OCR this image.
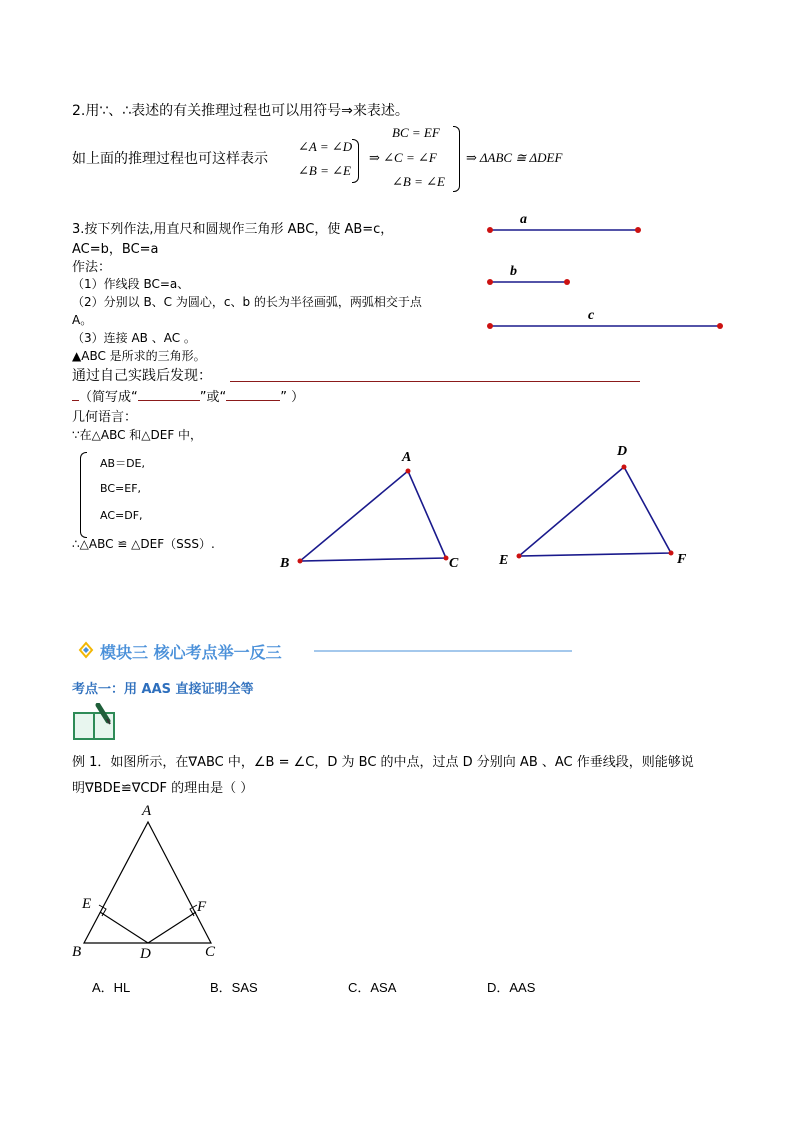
2.用∵、∴表述的有关推理过程也可以用符号⇒来表述。
如上面的推理过程也可这样表示
∠A = ∠D
∠B = ∠E
⇒ ∠C = ∠F
BC = EF
∠B = ∠E
⇒ ΔABC ≅ ΔDEF
3.按下列作法,用直尺和圆规作三角形 ABC，使 AB=c，
AC=b，BC=a
作法：
（1）作线段 BC=a、
（2）分别以 B、C 为圆心，c、b 的长为半径画弧，两弧相交于点
A。
（3）连接 AB 、AC 。
▲ABC 是所求的三角形。
通过自己实践后发现：
（简写成“	”或“	” ）
几何语言：
∵在△ABC 和△DEF 中，
AB＝DE,
BC=EF,
AC=DF,
∴△ABC ≌ △DEF（SSS）.
a
b
c
A
B	C
D
E	F
模块三 核心考点举一反三
考点一：用 AAS 直接证明全等
例 1．如图所示，在∇ABC 中，∠B = ∠C，D 为 BC 的中点，过点 D 分别向 AB 、AC 作垂线段，则能够说
明∇BDE≌∇CDF 的理由是（ ）
A
E	F
B	D	C
A．HL	B．SAS	C．ASA	D．AAS
